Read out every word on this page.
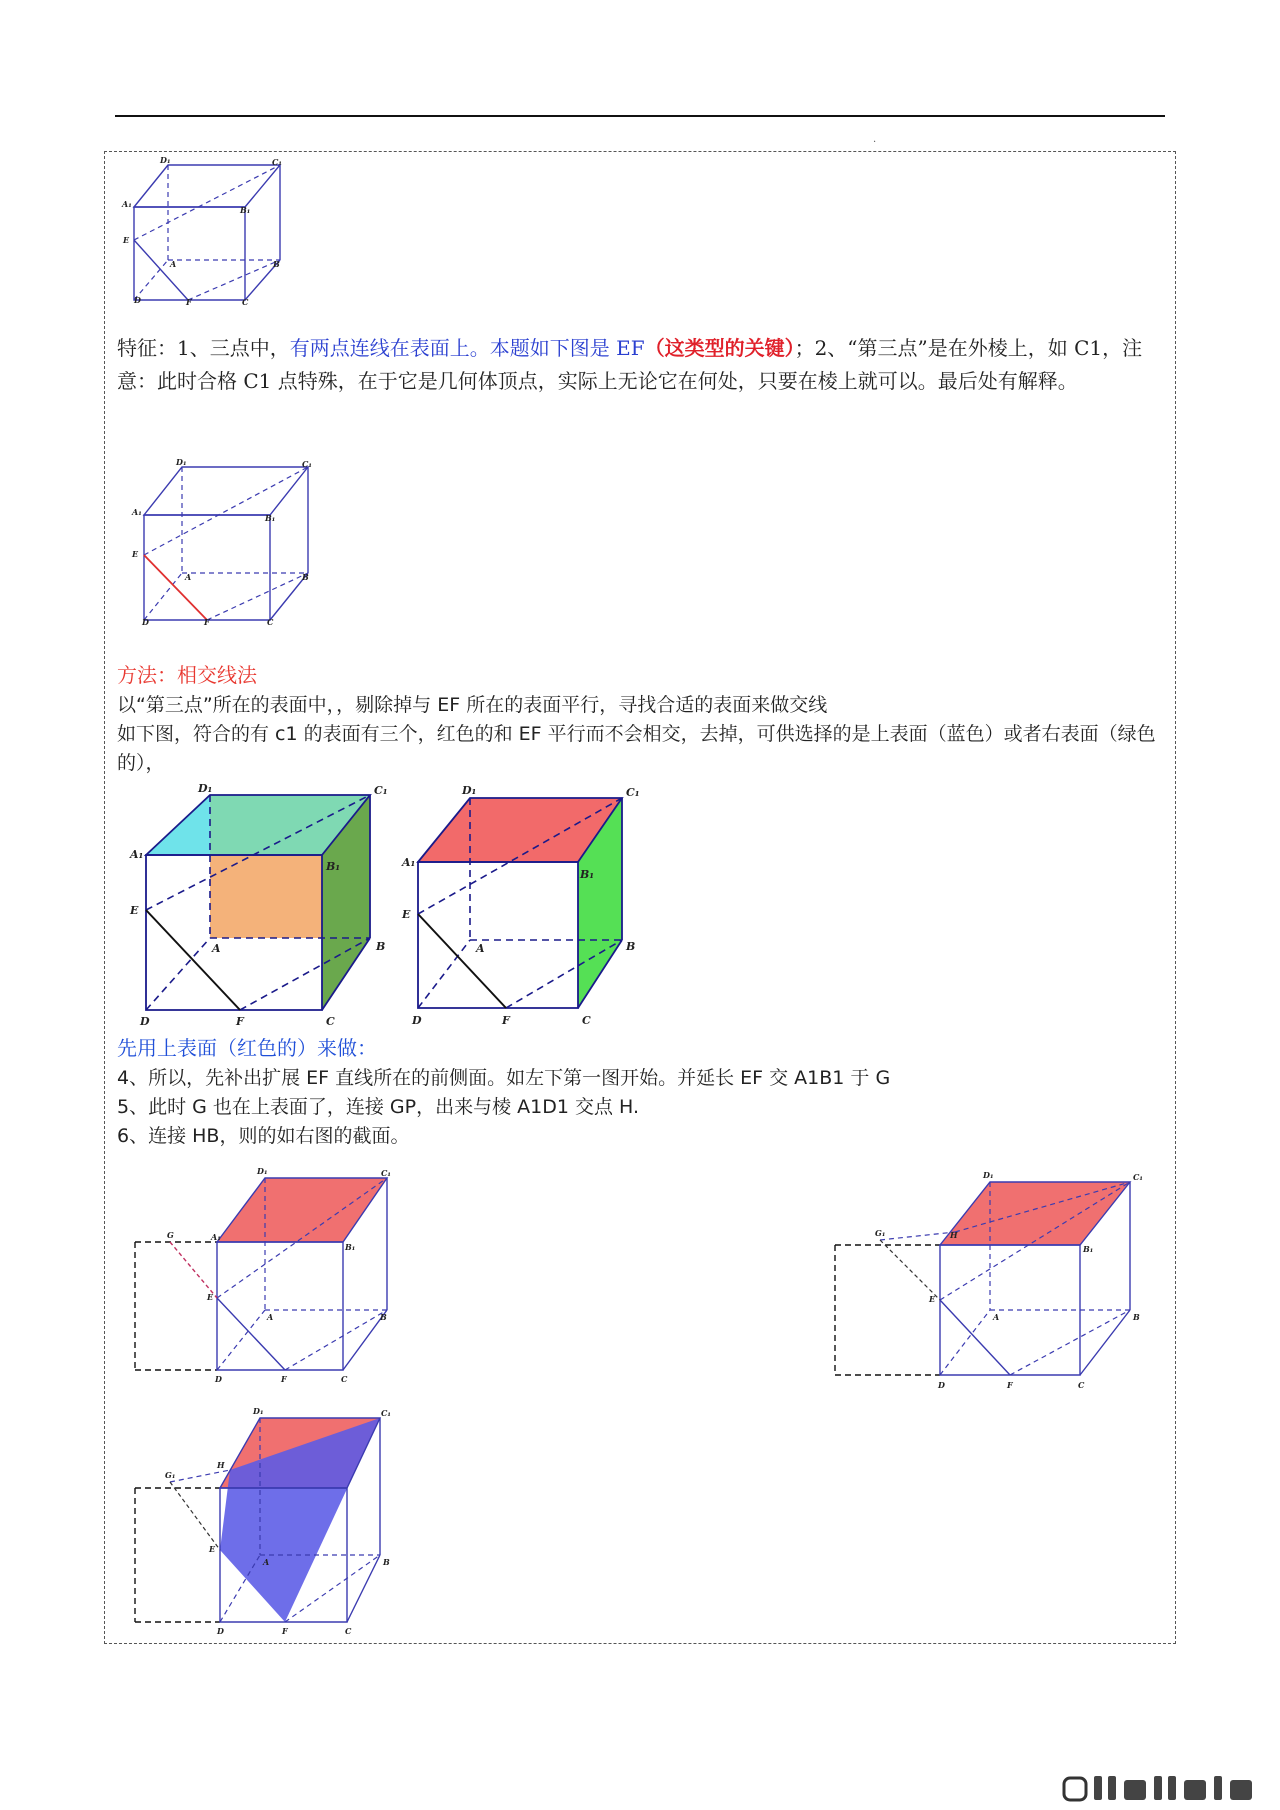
.
D₁	C₁
A₁
B₁
E
A	B
D	F	C
特征：1、三点中，有两点连线在表面上。本题如下图是 EF（这类型的关键）；2、“第三点”是在外棱上，如 C1，注意：此时合格 C1 点特殊，在于它是几何体顶点，实际上无论它在何处，只要在棱上就可以。最后处有解释。
D₁	C₁
A₁
B₁
E
A	B
D	F	C
方法：相交线法
以“第三点”所在的表面中，，剔除掉与 EF 所在的表面平行，寻找合适的表面来做交线
如下图，符合的有 c1 的表面有三个，红色的和 EF 平行而不会相交，去掉，可供选择的是上表面（蓝色）或者右表面（绿色的），
D₁	C₁
A₁
B₁
E
A	B
D	F	C
D₁	C₁
A₁
B₁
E
A	B
D	F	C
先用上表面（红色的）来做：
4、所以，先补出扩展 EF 直线所在的前侧面。如左下第一图开始。并延长 EF 交 A1B1 于 G
5、此时 G 也在上表面了，连接 GP，出来与棱 A1D1 交点 H.
6、连接 HB，则的如右图的截面。
G
D₁	C₁
A₁
B₁
E
A	B
D	F	C
G₁	H
D₁	C₁
B₁
E
A	B
D	F	C
G₁
D₁	C₁
H
E
A	B
D	F	C
